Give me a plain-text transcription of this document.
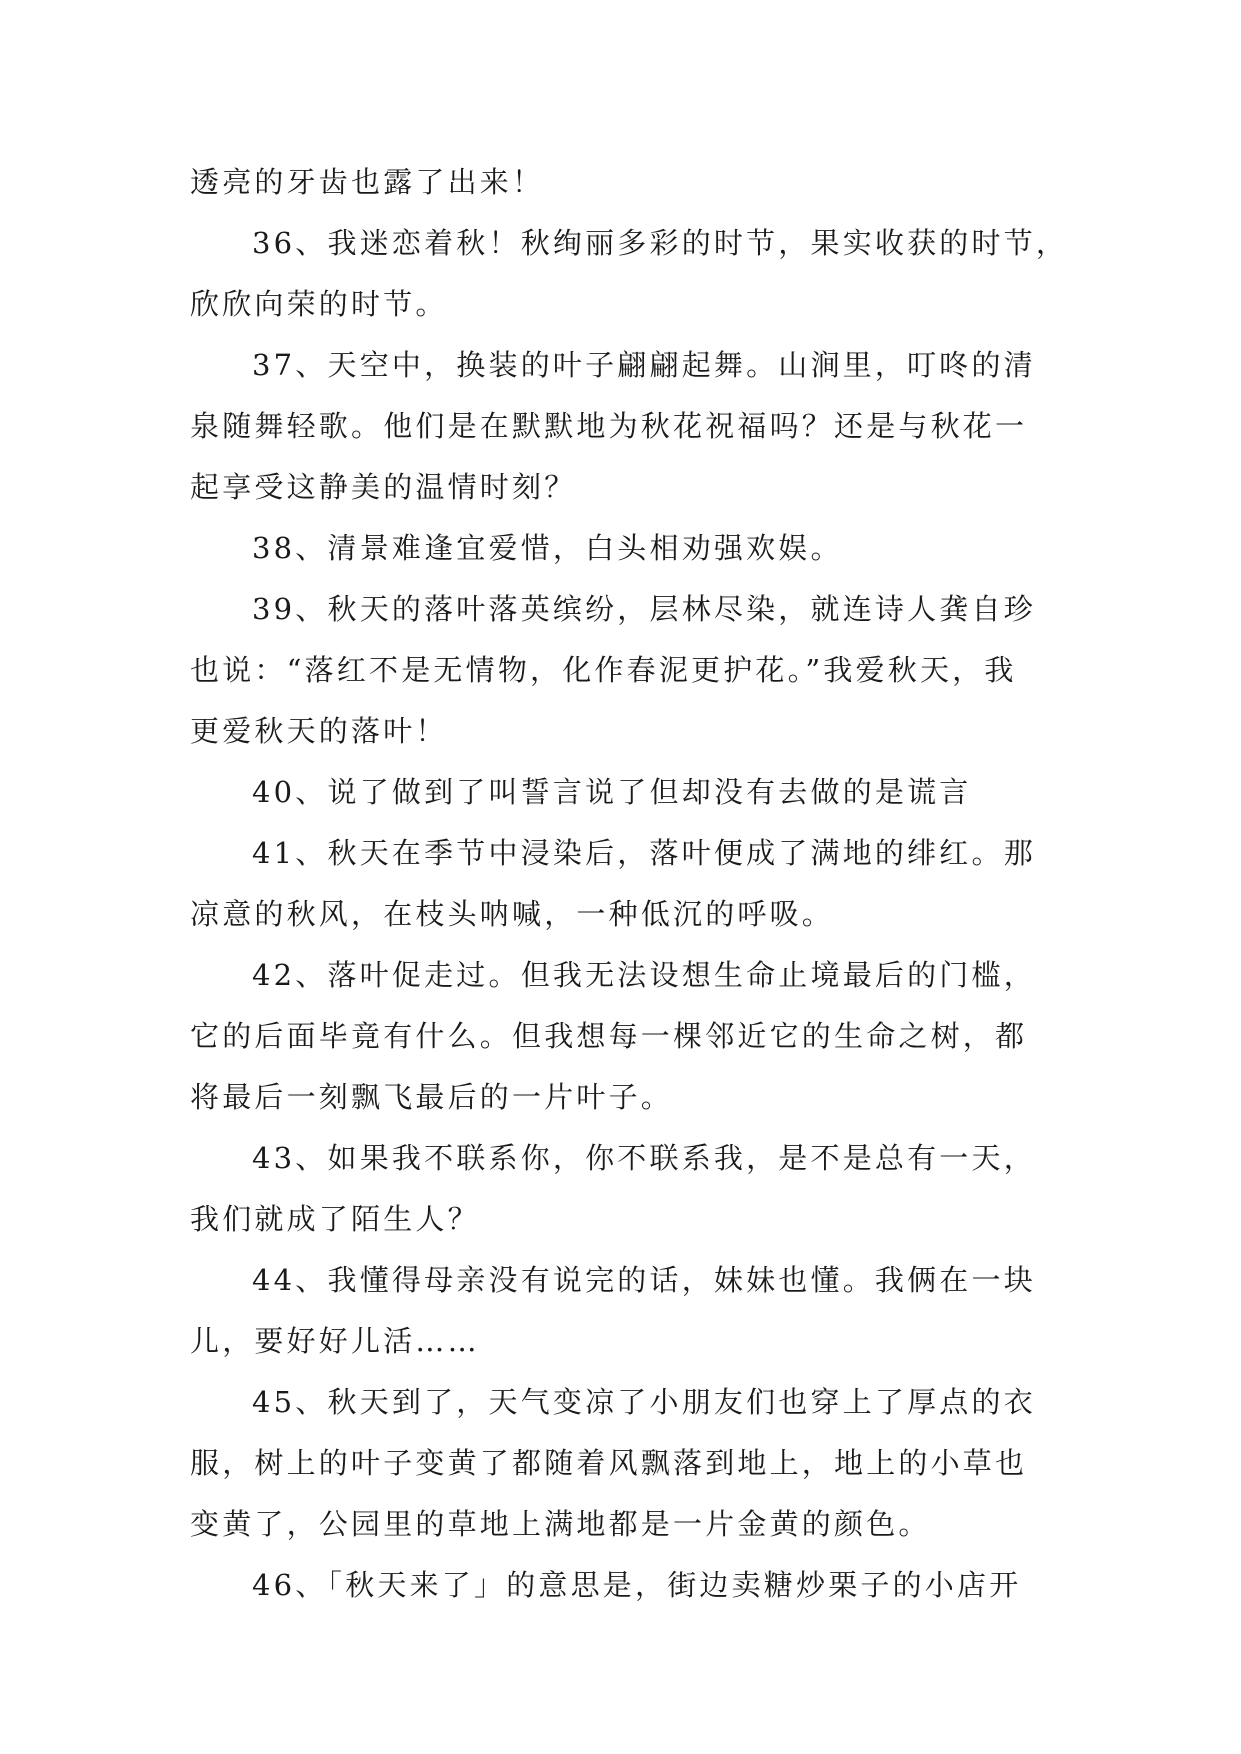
透亮的牙齿也露了出来！
36、我迷恋着秋！秋绚丽多彩的时节，果实收获的时节，
欣欣向荣的时节。
37、天空中，换装的叶子翩翩起舞。山涧里，叮咚的清
泉随舞轻歌。他们是在默默地为秋花祝福吗？还是与秋花一
起享受这静美的温情时刻？
38、清景难逢宜爱惜，白头相劝强欢娱。
39、秋天的落叶落英缤纷，层林尽染，就连诗人龚自珍
也说：“落红不是无情物，化作春泥更护花。”我爱秋天，我
更爱秋天的落叶！
40、说了做到了叫誓言说了但却没有去做的是谎言
41、秋天在季节中浸染后，落叶便成了满地的绯红。那
凉意的秋风，在枝头呐喊，一种低沉的呼吸。
42、落叶促走过。但我无法设想生命止境最后的门槛，
它的后面毕竟有什么。但我想每一棵邻近它的生命之树，都
将最后一刻飘飞最后的一片叶子。
43、如果我不联系你，你不联系我，是不是总有一天，
我们就成了陌生人？
44、我懂得母亲没有说完的话，妹妹也懂。我俩在一块
儿，要好好儿活……
45、秋天到了，天气变凉了小朋友们也穿上了厚点的衣
服，树上的叶子变黄了都随着风飘落到地上，地上的小草也
变黄了，公园里的草地上满地都是一片金黄的颜色。
46、「秋天来了」的意思是，街边卖糖炒栗子的小店开
